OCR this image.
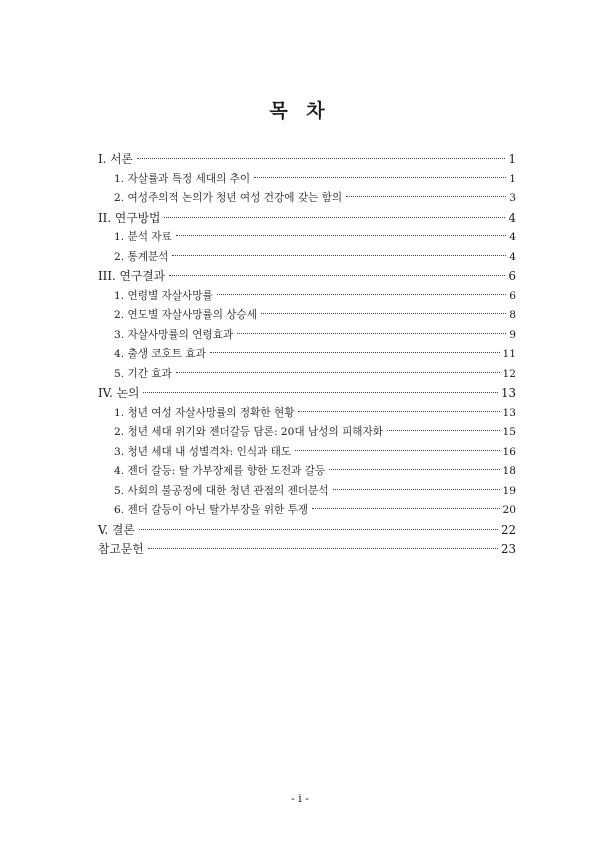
목 차
I. 서론	1
1. 자살률과 특정 세대의 추이	1
2. 여성주의적 논의가 청년 여성 건강에 갖는 함의	3
II. 연구방법	4
1. 분석 자료	4
2. 통계분석	4
III. 연구결과	6
1. 연령별 자살사망률	6
2. 연도별 자살사망률의 상승세	8
3. 자살사망률의 연령효과	9
4. 출생 코호트 효과	11
5. 기간 효과	12
IV. 논의	13
1. 청년 여성 자살사망률의 정확한 현황	13
2. 청년 세대 위기와 젠더갈등 담론: 20대 남성의 피해자화	15
3. 청년 세대 내 성별격차: 인식과 태도	16
4. 젠더 갈등: 탈 가부장제를 향한 도전과 갈등	18
5. 사회의 불공정에 대한 청년 관점의 젠더분석	19
6. 젠더 갈등이 아닌 탈가부장을 위한 투쟁	20
V. 결론	22
참고문헌	23
- i -
